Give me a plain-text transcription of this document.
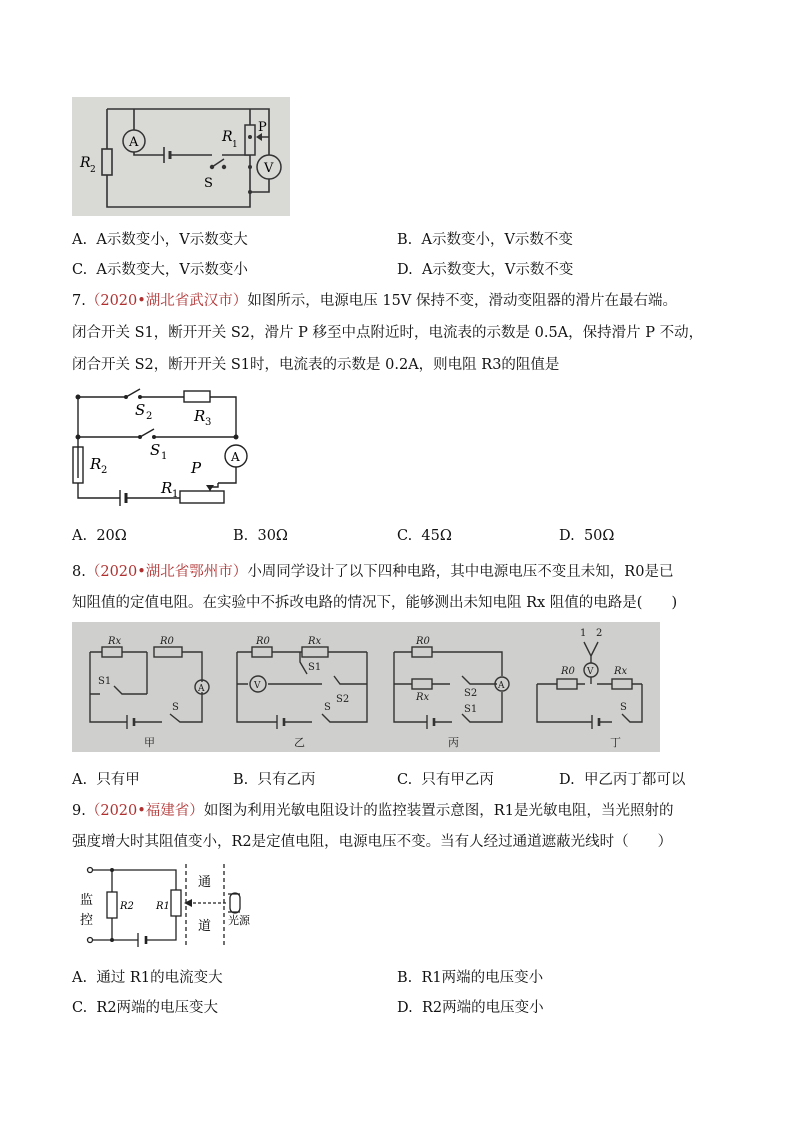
A
S
P
R 1
V
R 2
A. A示数变小，V示数变大	B. A示数变小，V示数不变
C. A示数变大，V示数变小	D. A示数变大，V示数不变
7.（2020•湖北省武汉市）如图所示，电源电压 15V 保持不变，滑动变阻器的滑片在最右端。
闭合开关 S1，断开开关 S2，滑片 P 移至中点附近时，电流表的示数是 0.5A，保持滑片 P 不动，
闭合开关 S2，断开开关 S1时，电流表的示数是 0.2A，则电阻 R3的阻值是
S 2	R 3
S 1
R 2
R 1
P
A
A. 20Ω	B. 30Ω	C. 45Ω	D. 50Ω
8.（2020•湖北省鄂州市）小周同学设计了以下四种电路，其中电源电压不变且未知，R0是已
知阻值的定值电阻。在实验中不拆改电路的情况下，能够测出未知电阻 Rx 阻值的电路是(　　)
Rx	R0
S1
A
S
甲
R0	Rx
V
S1
S2
S
乙
R0
Rx	S2
A
S1
丙
1 2
V
R0	Rx
S
丁
A. 只有甲	B. 只有乙丙	C. 只有甲乙丙	D. 甲乙丙丁都可以
9.（2020•福建省）如图为利用光敏电阻设计的监控装置示意图，R1是光敏电阻，当光照射的
强度增大时其阻值变小，R2是定值电阻，电源电压不变。当有人经过通道遮蔽光线时（　　）
监
控
R2 R1
通
道 光源
A. 通过 R1的电流变大	B. R1两端的电压变小
C. R2两端的电压变大	D. R2两端的电压变小
